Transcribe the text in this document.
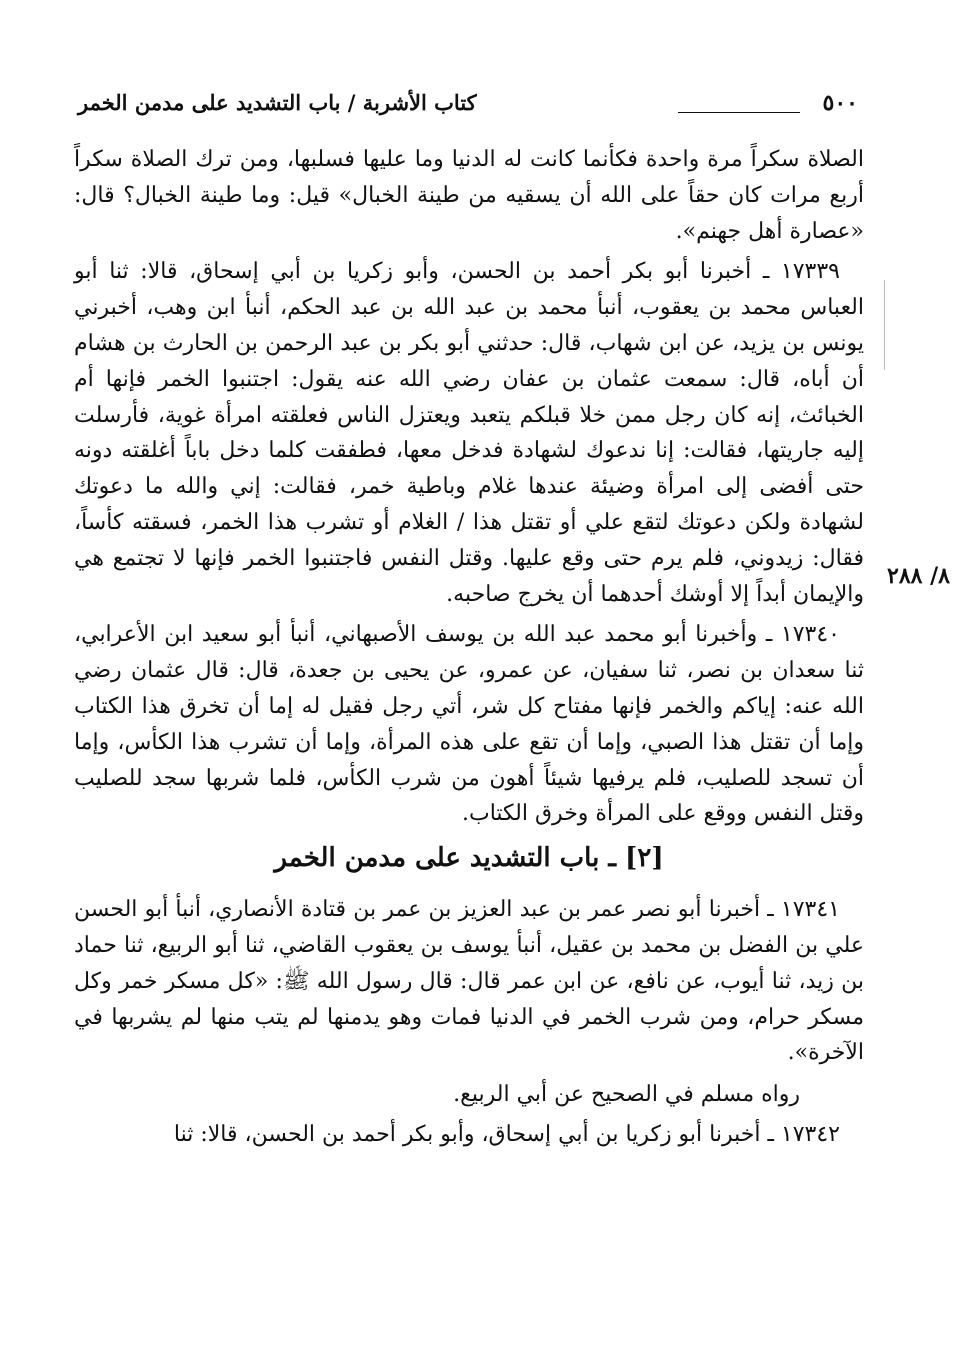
٥٠٠
كتاب الأشربة / باب التشديد على مدمن الخمر
٨/ ٢٨٨

الصلاة سكراً مرة واحدة فكأنما كانت له الدنيا وما عليها فسلبها، ومن ترك الصلاة سكراً أربع مرات كان حقاً على الله أن يسقيه من طينة الخبال» قيل: وما طينة الخبال؟ قال: «عصارة أهل جهنم».

١٧٣٣٩ ـ أخبرنا أبو بكر أحمد بن الحسن، وأبو زكريا بن أبي إسحاق، قالا: ثنا أبو العباس محمد بن يعقوب، أنبأ محمد بن عبد الله بن عبد الحكم، أنبأ ابن وهب، أخبرني يونس بن يزيد، عن ابن شهاب، قال: حدثني أبو بكر بن عبد الرحمن بن الحارث بن هشام أن أباه، قال: سمعت عثمان بن عفان رضي الله عنه يقول: اجتنبوا الخمر فإنها أم الخبائث، إنه كان رجل ممن خلا قبلكم يتعبد ويعتزل الناس فعلقته امرأة غوية، فأرسلت إليه جاريتها، فقالت: إنا ندعوك لشهادة فدخل معها، فطفقت كلما دخل باباً أغلقته دونه حتى أفضى إلى امرأة وضيئة عندها غلام وباطية خمر، فقالت: إني والله ما دعوتك لشهادة ولكن دعوتك لتقع علي أو تقتل هذا / الغلام أو تشرب هذا الخمر، فسقته كأساً، فقال: زيدوني، فلم يرم حتى وقع عليها. وقتل النفس فاجتنبوا الخمر فإنها لا تجتمع هي والإيمان أبداً إلا أوشك أحدهما أن يخرج صاحبه.

١٧٣٤٠ ـ وأخبرنا أبو محمد عبد الله بن يوسف الأصبهاني، أنبأ أبو سعيد ابن الأعرابي، ثنا سعدان بن نصر، ثنا سفيان، عن عمرو، عن يحيى بن جعدة، قال: قال عثمان رضي الله عنه: إياكم والخمر فإنها مفتاح كل شر، أتي رجل فقيل له إما أن تخرق هذا الكتاب وإما أن تقتل هذا الصبي، وإما أن تقع على هذه المرأة، وإما أن تشرب هذا الكأس، وإما أن تسجد للصليب، فلم يرفيها شيئاً أهون من شرب الكأس، فلما شربها سجد للصليب وقتل النفس ووقع على المرأة وخرق الكتاب.

[٢] ـ باب التشديد على مدمن الخمر

١٧٣٤١ ـ أخبرنا أبو نصر عمر بن عبد العزيز بن عمر بن قتادة الأنصاري، أنبأ أبو الحسن علي بن الفضل بن محمد بن عقيل، أنبأ يوسف بن يعقوب القاضي، ثنا أبو الربيع، ثنا حماد بن زيد، ثنا أيوب، عن نافع، عن ابن عمر قال: قال رسول الله ﷺ: «كل مسكر خمر وكل مسكر حرام، ومن شرب الخمر في الدنيا فمات وهو يدمنها لم يتب منها لم يشربها في الآخرة».

رواه مسلم في الصحيح عن أبي الربيع.

١٧٣٤٢ ـ أخبرنا أبو زكريا بن أبي إسحاق، وأبو بكر أحمد بن الحسن، قالا: ثنا
